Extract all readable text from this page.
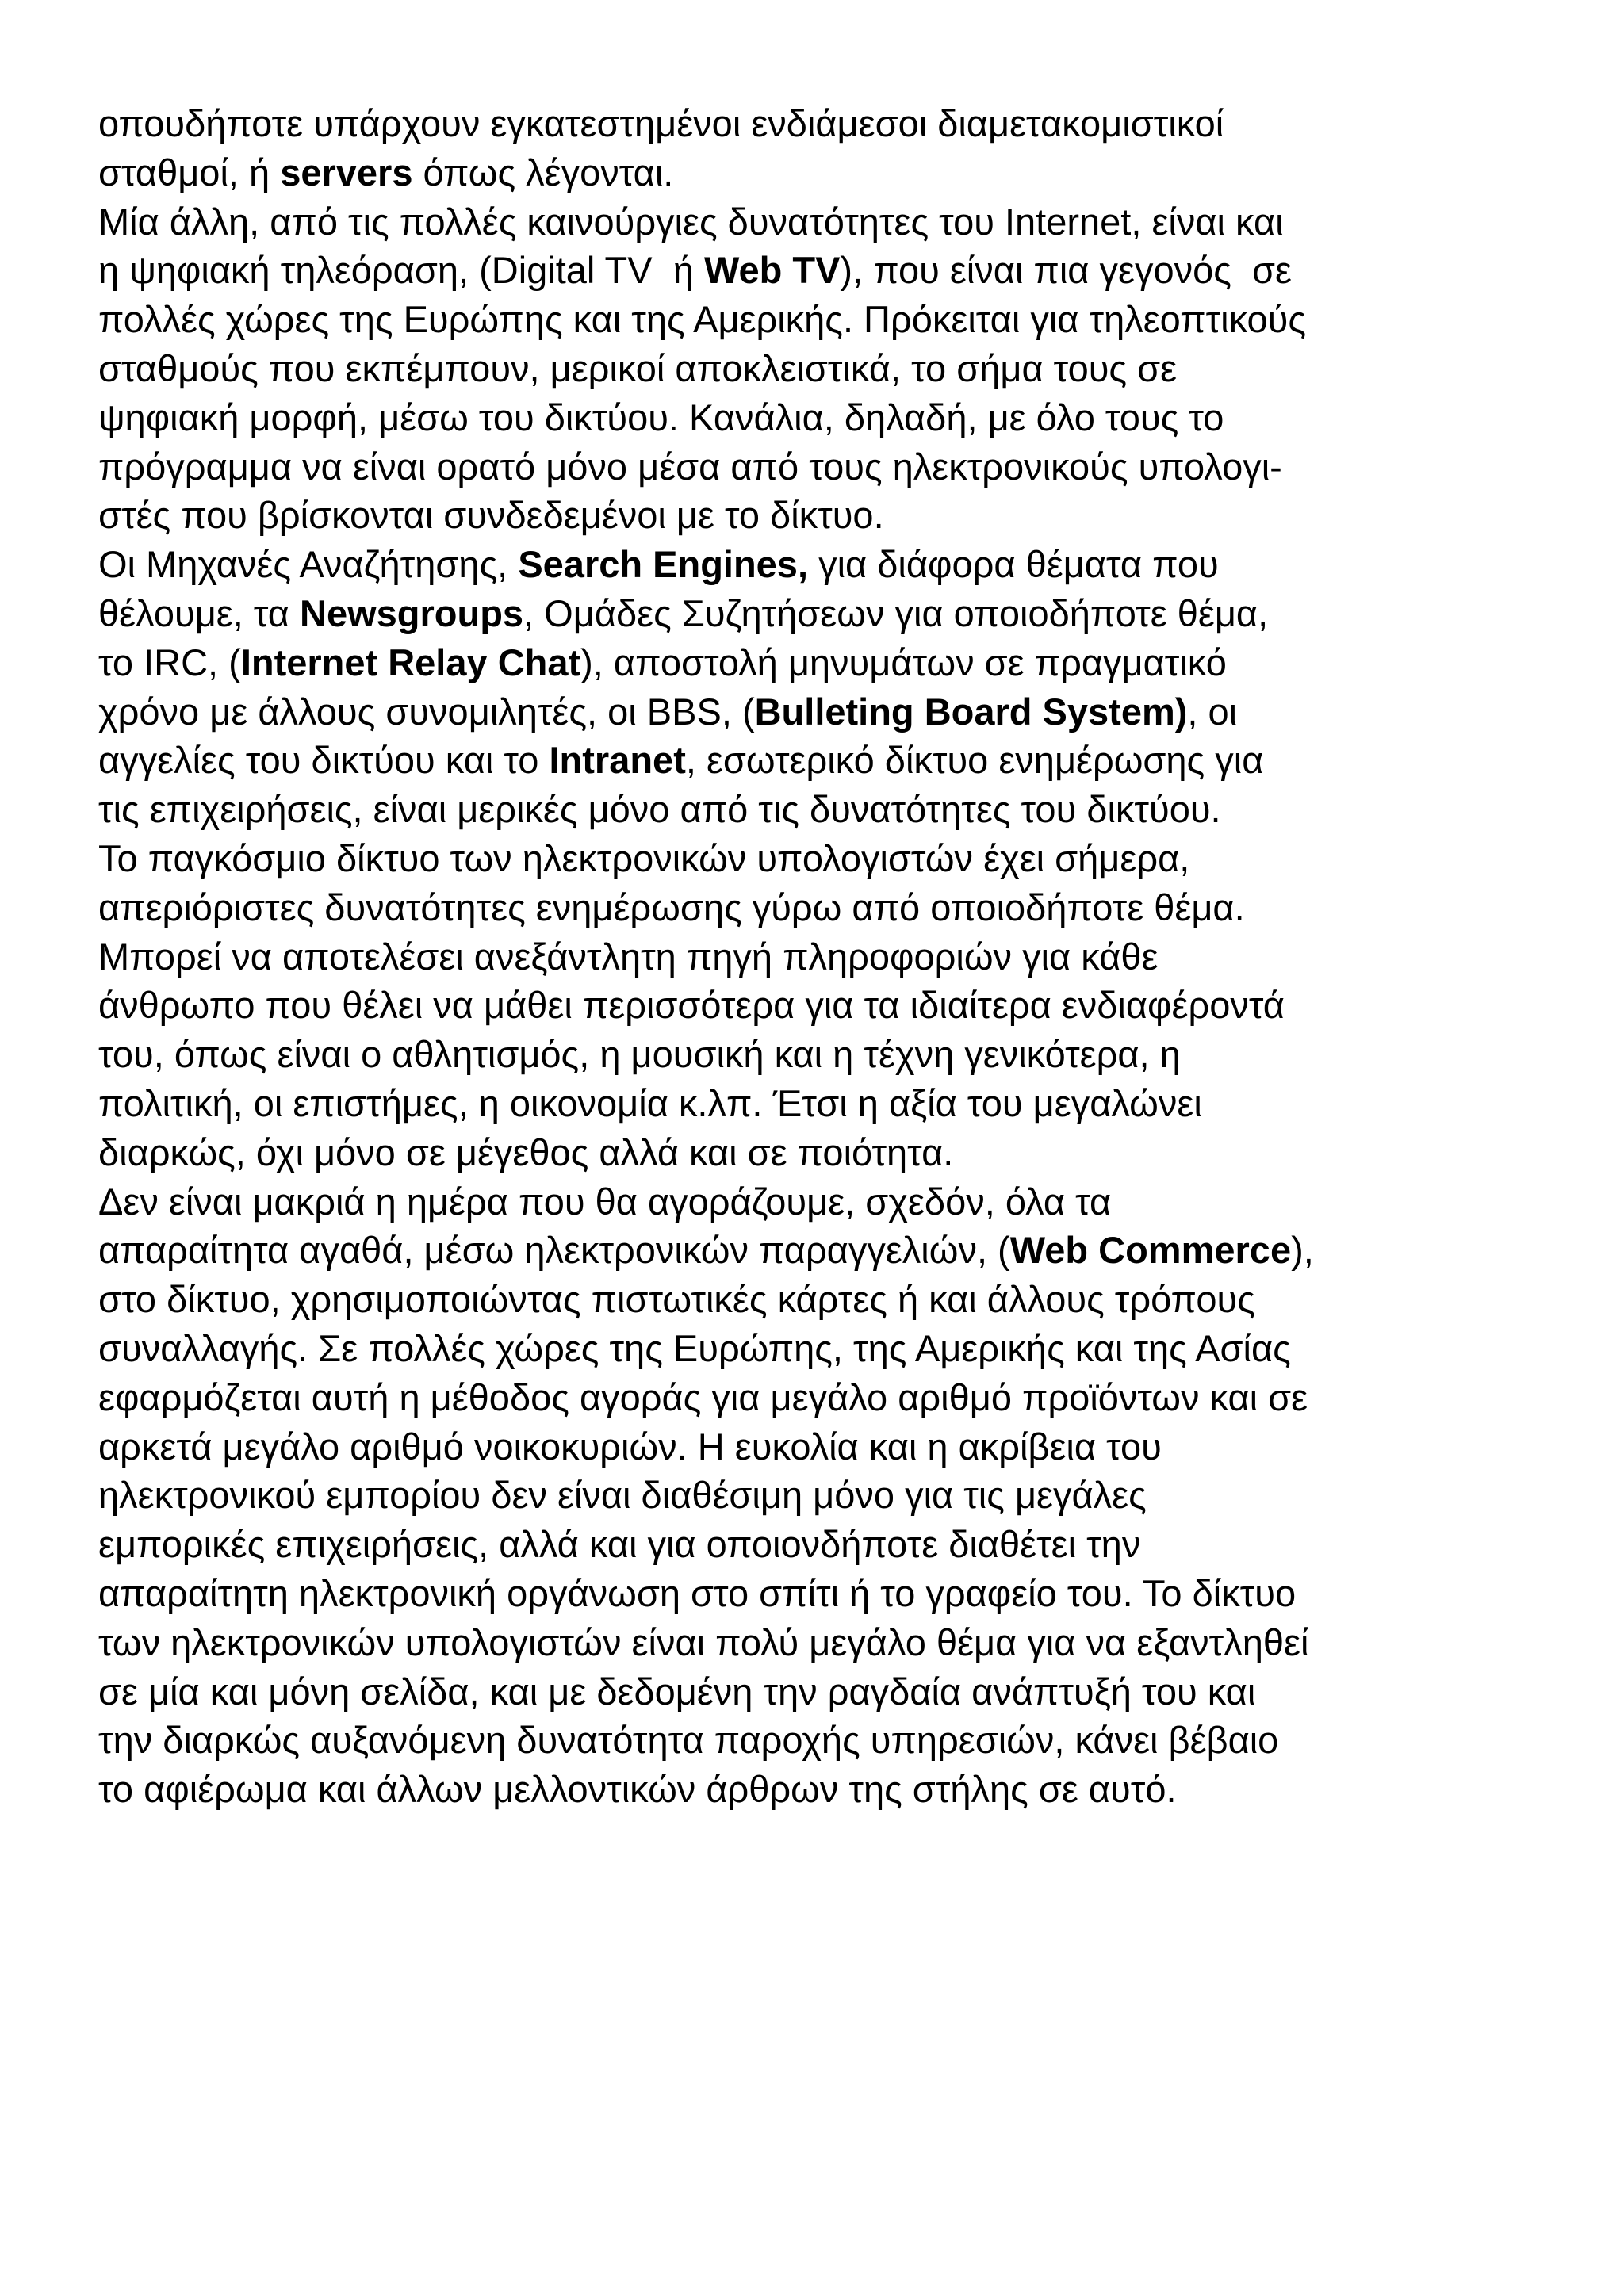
οπουδήποτε υπάρχουν εγκατεστημένοι ενδιάμεσοι διαμετακομιστικοί
σταθμοί, ή servers όπως λέγονται.
Μία άλλη, από τις πολλές καινούργιες δυνατότητες του Internet, είναι και
η ψηφιακή τηλεόραση, (Digital TV  ή Web TV), που είναι πια γεγονός  σε
πολλές χώρες της Ευρώπης και της Αμερικής. Πρόκειται για τηλεοπτικούς
σταθμούς που εκπέμπουν, μερικοί αποκλειστικά, το σήμα τους σε
ψηφιακή μορφή, μέσω του δικτύου. Κανάλια, δηλαδή, με όλο τους το
πρόγραμμα να είναι ορατό μόνο μέσα από τους ηλεκτρονικούς υπολογι-
στές που βρίσκονται συνδεδεμένοι με το δίκτυο.
Οι Μηχανές Αναζήτησης, Search Engines, για διάφορα θέματα που
θέλουμε, τα Newsgroups, Ομάδες Συζητήσεων για οποιοδήποτε θέμα,
το IRC, (Internet Relay Chat), αποστολή μηνυμάτων σε πραγματικό
χρόνο με άλλους συνομιλητές, οι BBS, (Bulleting Board System), οι
αγγελίες του δικτύου και το Intranet, εσωτερικό δίκτυο ενημέρωσης για
τις επιχειρήσεις, είναι μερικές μόνο από τις δυνατότητες του δικτύου.
Το παγκόσμιο δίκτυο των ηλεκτρονικών υπολογιστών έχει σήμερα,
απεριόριστες δυνατότητες ενημέρωσης γύρω από οποιοδήποτε θέμα.
Μπορεί να αποτελέσει ανεξάντλητη πηγή πληροφοριών για κάθε
άνθρωπο που θέλει να μάθει περισσότερα για τα ιδιαίτερα ενδιαφέροντά
του, όπως είναι ο αθλητισμός, η μουσική και η τέχνη γενικότερα, η
πολιτική, οι επιστήμες, η οικονομία κ.λπ. Έτσι η αξία του μεγαλώνει
διαρκώς, όχι μόνο σε μέγεθος αλλά και σε ποιότητα.
Δεν είναι μακριά η ημέρα που θα αγοράζουμε, σχεδόν, όλα τα
απαραίτητα αγαθά, μέσω ηλεκτρονικών παραγγελιών, (Web Commerce),
στο δίκτυο, χρησιμοποιώντας πιστωτικές κάρτες ή και άλλους τρόπους
συναλλαγής. Σε πολλές χώρες της Ευρώπης, της Αμερικής και της Ασίας
εφαρμόζεται αυτή η μέθοδος αγοράς για μεγάλο αριθμό προϊόντων και σε
αρκετά μεγάλο αριθμό νοικοκυριών. Η ευκολία και η ακρίβεια του
ηλεκτρονικού εμπορίου δεν είναι διαθέσιμη μόνο για τις μεγάλες
εμπορικές επιχειρήσεις, αλλά και για οποιονδήποτε διαθέτει την
απαραίτητη ηλεκτρονική οργάνωση στο σπίτι ή το γραφείο του. Το δίκτυο
των ηλεκτρονικών υπολογιστών είναι πολύ μεγάλο θέμα για να εξαντληθεί
σε μία και μόνη σελίδα, και με δεδομένη την ραγδαία ανάπτυξή του και
την διαρκώς αυξανόμενη δυνατότητα παροχής υπηρεσιών, κάνει βέβαιο
το αφιέρωμα και άλλων μελλοντικών άρθρων της στήλης σε αυτό.
